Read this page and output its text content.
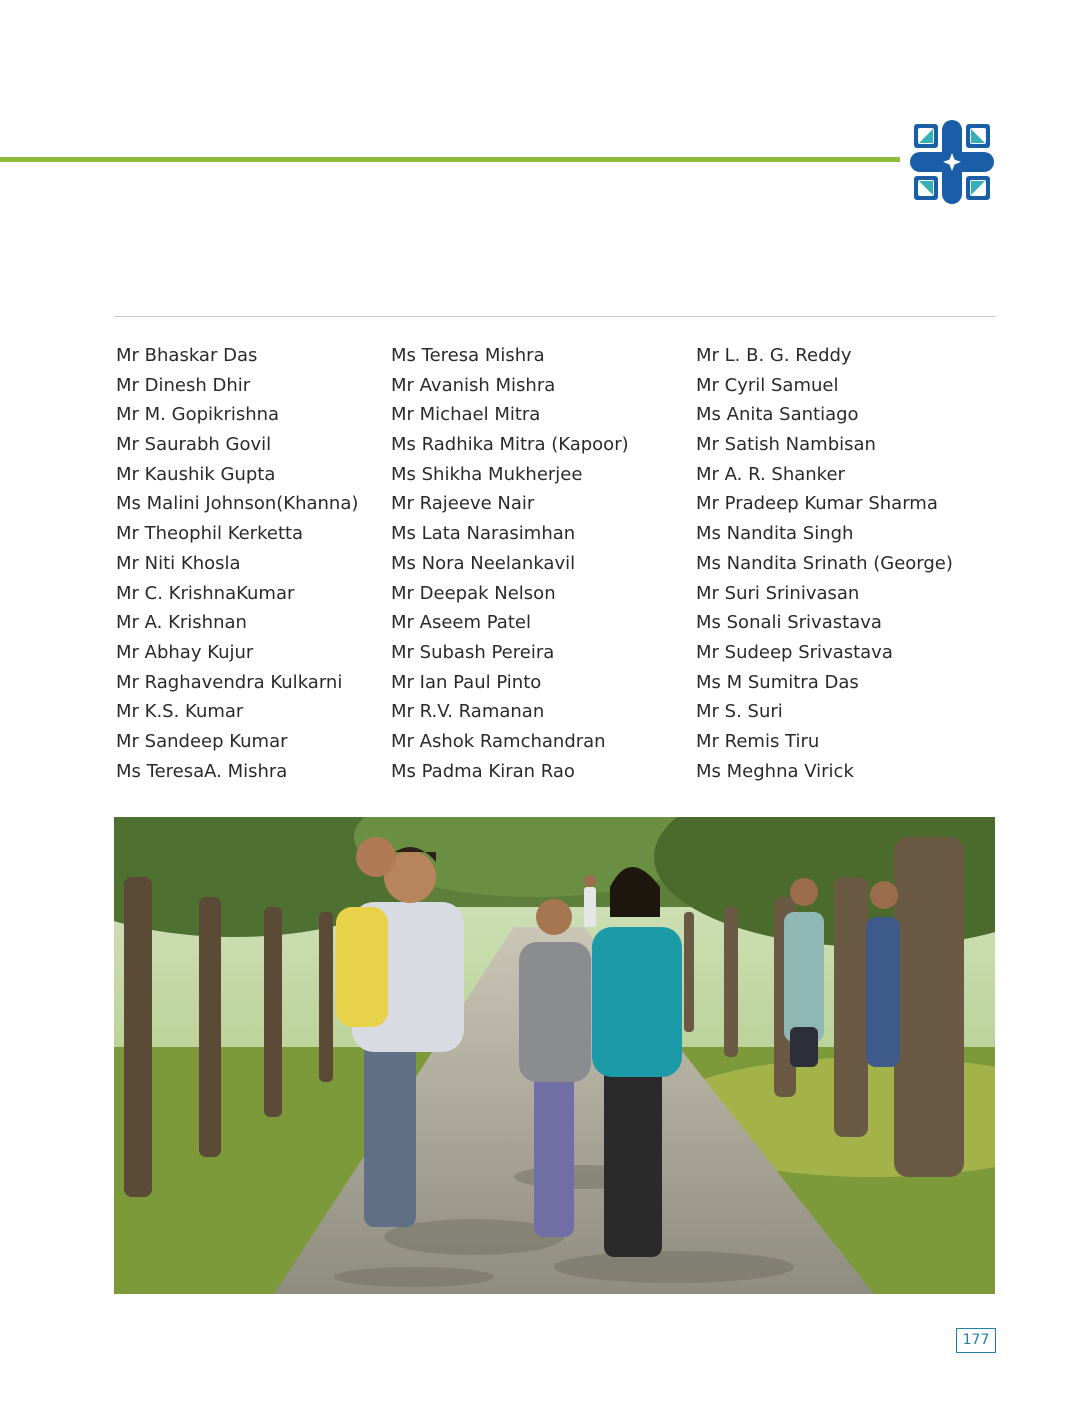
Mr Bhaskar Das
Mr Dinesh Dhir
Mr M. Gopikrishna
Mr Saurabh Govil
Mr Kaushik Gupta
Ms Malini Johnson(Khanna)
Mr Theophil Kerketta
Mr Niti Khosla
Mr C. KrishnaKumar
Mr A. Krishnan
Mr Abhay Kujur
Mr Raghavendra Kulkarni
Mr K.S. Kumar
Mr Sandeep Kumar
Ms TeresaA. Mishra
Ms Teresa Mishra
Mr Avanish Mishra
Mr Michael Mitra
Ms Radhika Mitra (Kapoor)
Ms Shikha Mukherjee
Mr Rajeeve Nair
Ms Lata Narasimhan
Ms Nora Neelankavil
Mr Deepak Nelson
Mr Aseem Patel
Mr Subash Pereira
Mr Ian Paul Pinto
Mr R.V. Ramanan
Mr Ashok Ramchandran
Ms Padma Kiran Rao
Mr L. B. G. Reddy
Mr Cyril Samuel
Ms Anita Santiago
Mr Satish Nambisan
Mr A. R. Shanker
Mr Pradeep Kumar Sharma
Ms Nandita Singh
Ms Nandita Srinath (George)
Mr Suri Srinivasan
Ms Sonali Srivastava
Mr Sudeep Srivastava
Ms M Sumitra Das
Mr S. Suri
Mr Remis Tiru
Ms Meghna Virick
177
